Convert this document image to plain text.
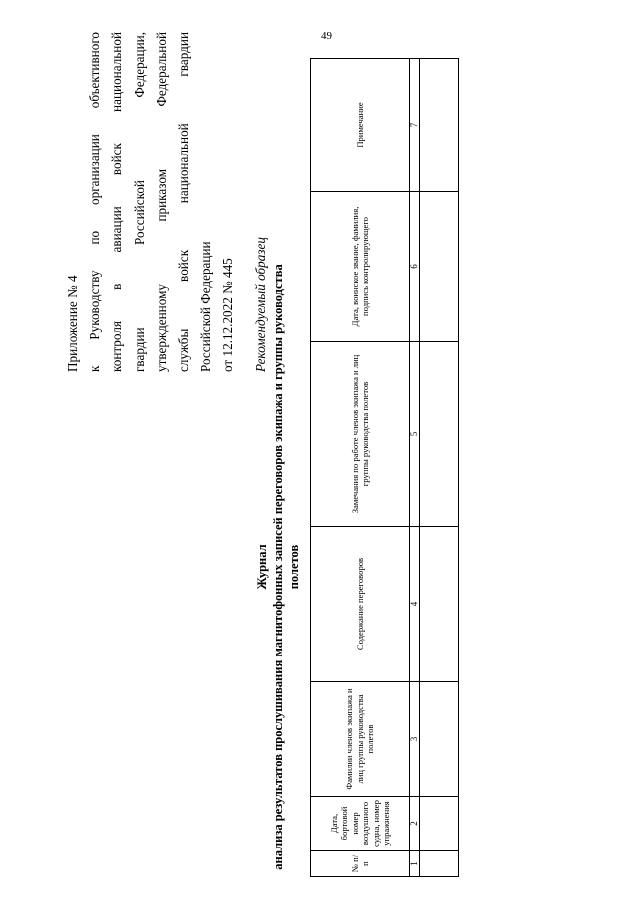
49
Приложение № 4 к Руководству по организации объективного контроля в авиации войск национальной гвардии Российской Федерации, утвержденному приказом Федеральной службы войск национальной гвардии Российской Федерации от 12.12.2022 № 445	Рекомендуемый образец
Журнал анализа результатов прослушивания магнитофонных записей переговоров экипажа и группы руководства полетов
№ п/п	Дата, бортовой номер воздушного судна, номер упражнения	Фамилии членов экипажа и лиц группы руководства полетов	Содержание переговоров	Замечания по работе членов экипажа и лиц группы руководства полетов	Дата, воинское звание, фамилия, подпись контролирующего	Примечание
1	2	3	4	5	6	7
